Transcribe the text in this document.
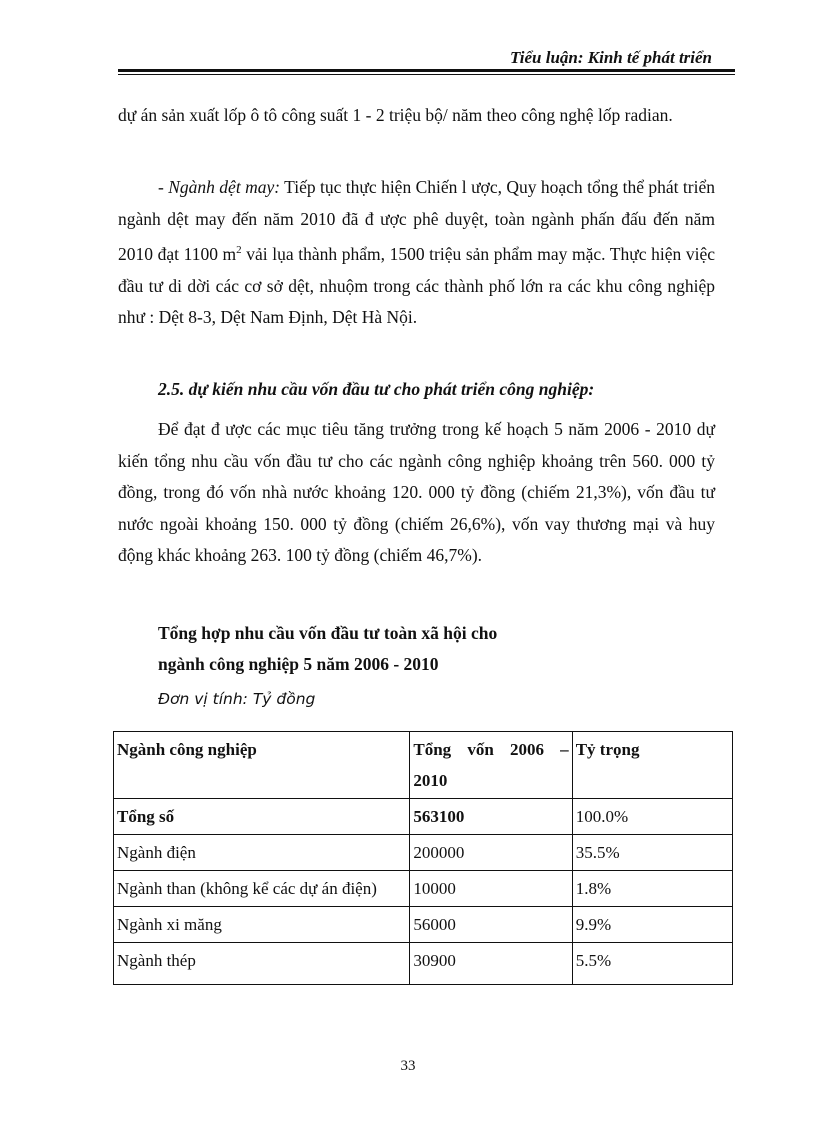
Tiểu luận: Kinh tế phát triển

dự án sản xuất lốp ô tô công suất 1 - 2 triệu bộ/ năm theo công nghệ lốp radian.

- Ngành dệt may: Tiếp tục thực hiện Chiến l ược, Quy hoạch tổng thể phát triển ngành dệt may đến năm 2010 đã đ ược phê duyệt, toàn ngành phấn đấu đến năm 2010 đạt 1100 $m^2$ vải lụa thành phẩm, 1500 triệu sản phẩm may mặc. Thực hiện việc đầu tư di dời các cơ sở dệt, nhuộm trong các thành phố lớn ra các khu công nghiệp như : Dệt 8-3, Dệt Nam Định, Dệt Hà Nội.

2.5. dự kiến nhu cầu vốn đầu tư cho phát triển công nghiệp:

Để đạt đ ược các mục tiêu tăng trưởng trong kế hoạch 5 năm 2006 - 2010 dự kiến tổng nhu cầu vốn đầu tư cho các ngành công nghiệp khoảng trên 560. 000 tỷ đồng, trong đó vốn nhà nước khoảng 120. 000 tỷ đồng (chiếm 21,3%), vốn đầu tư nước ngoài khoảng 150. 000 tỷ đồng (chiếm 26,6%), vốn vay thương mại và huy động khác khoảng 263. 100 tỷ đồng (chiếm 46,7%).

Tổng hợp nhu cầu vốn đầu tư toàn xã hội cho
ngành công nghiệp 5 năm 2006 - 2010
Đơn vị tính: Tỷ đồng
Ngành công nghiệp	Tổng vốn 2006 – 2010	Tỷ trọng
Tổng số	563100	100.0%
Ngành điện	200000	35.5%
Ngành than (không kể các dự án điện)	10000	1.8%
Ngành xi măng	56000	9.9%
Ngành thép	30900	5.5%
33
